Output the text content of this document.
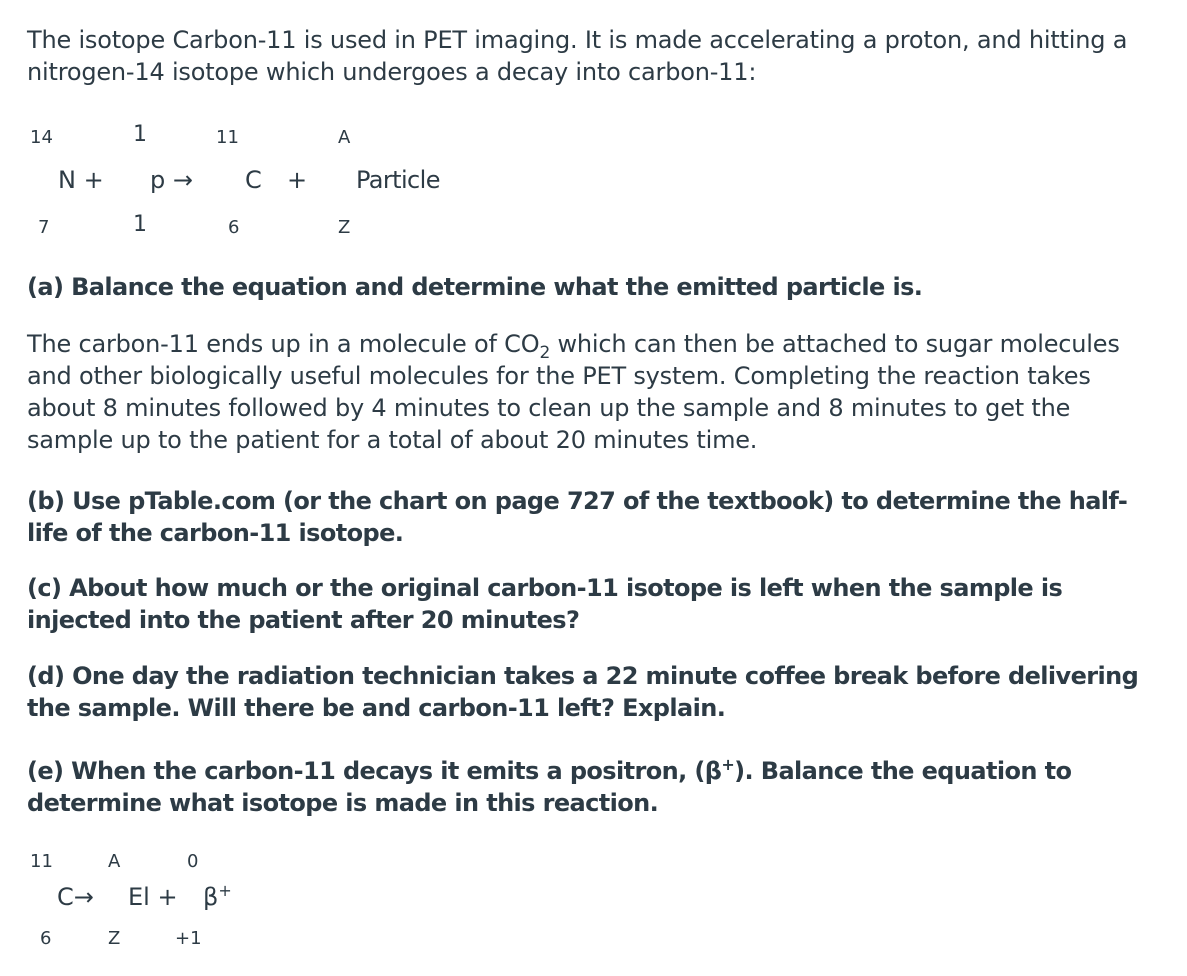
The isotope Carbon-11 is used in PET imaging. It is made accelerating a proton, and hitting a
nitrogen-14 isotope which undergoes a decay into carbon-11:
14
7
N +
1
1
p →
11
6
C +
A
Z
Particle
(a) Balance the equation and determine what the emitted particle is.
The carbon-11 ends up in a molecule of $CO_2$ which can then be attached to sugar molecules and other biologically useful molecules for the PET system. Completing the reaction takes about 8 minutes followed by 4 minutes to clean up the sample and 8 minutes to get the sample up to the patient for a total of about 20 minutes time.
(b) Use pTable.com (or the chart on page 727 of the textbook) to determine the half-life of the carbon-11 isotope.
(c) About how much or the original carbon-11 isotope is left when the sample is injected into the patient after 20 minutes?
(d) One day the radiation technician takes a 22 minute coffee break before delivering the sample. Will there be and carbon-11 left? Explain.
(e) When the carbon-11 decays it emits a positron, (β+). Balance the equation to determine what isotope is made in this reaction.
11
6
C→
A
Z
El +
0
+1
β+
